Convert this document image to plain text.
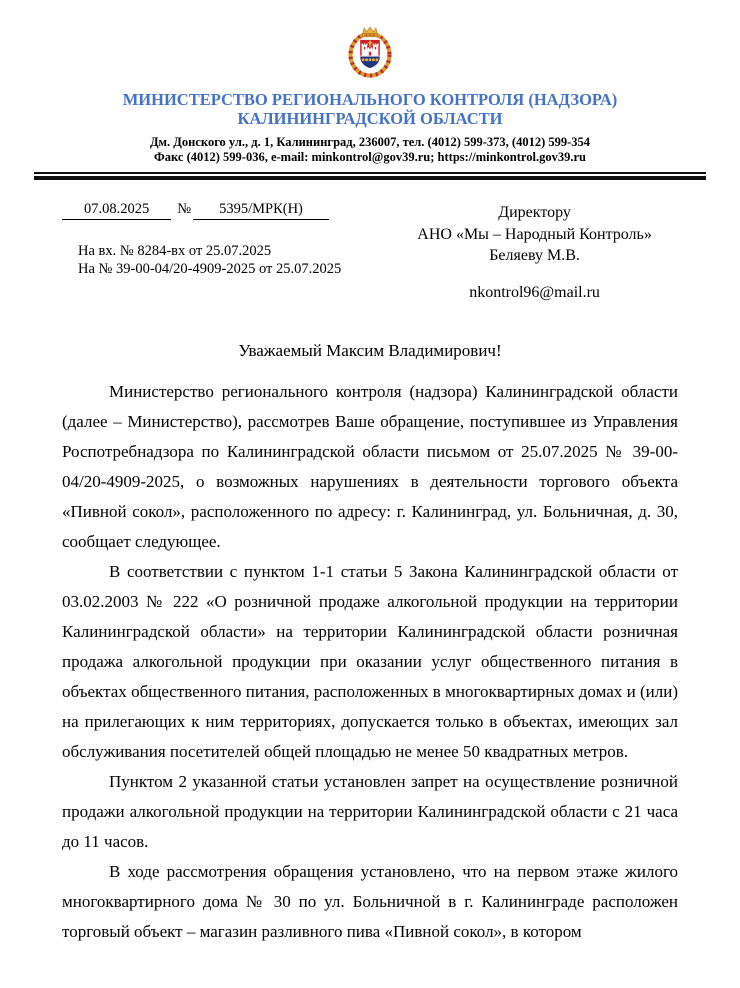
МИНИСТЕРСТВО РЕГИОНАЛЬНОГО КОНТРОЛЯ (НАДЗОРА)
КАЛИНИНГРАДСКОЙ ОБЛАСТИ
Дм. Донского ул., д. 1, Калининград, 236007, тел. (4012) 599-373, (4012) 599-354
Факс (4012) 599-036, e-mail: minkontrol@gov39.ru; https://minkontrol.gov39.ru
07.08.2025	№	5395/МРК(Н)
На вх. № 8284-вх от 25.07.2025
На № 39-00-04/20-4909-2025 от 25.07.2025
Директору
АНО «Мы – Народный Контроль»
Беляеву М.В.
nkontrol96@mail.ru
Уважаемый Максим Владимирович!

Министерство регионального контроля (надзора) Калининградской области (далее – Министерство), рассмотрев Ваше обращение, поступившее из Управления Роспотребнадзора по Калининградской области письмом от 25.07.2025 № 39-00-04/20-4909-2025, о возможных нарушениях в деятельности торгового объекта «Пивной сокол», расположенного по адресу: г. Калининград, ул. Больничная, д. 30, сообщает следующее.

В соответствии с пунктом 1-1 статьи 5 Закона Калининградской области от 03.02.2003 № 222 «О розничной продаже алкогольной продукции на территории Калининградской области» на территории Калининградской области розничная продажа алкогольной продукции при оказании услуг общественного питания в объектах общественного питания, расположенных в многоквартирных домах и (или) на прилегающих к ним территориях, допускается только в объектах, имеющих зал обслуживания посетителей общей площадью не менее 50 квадратных метров.

Пунктом 2 указанной статьи установлен запрет на осуществление розничной продажи алкогольной продукции на территории Калининградской области с 21 часа до 11 часов.

В ходе рассмотрения обращения установлено, что на первом этаже жилого многоквартирного дома № 30 по ул. Больничной в г. Калининграде расположен торговый объект – магазин разливного пива «Пивной сокол», в котором
